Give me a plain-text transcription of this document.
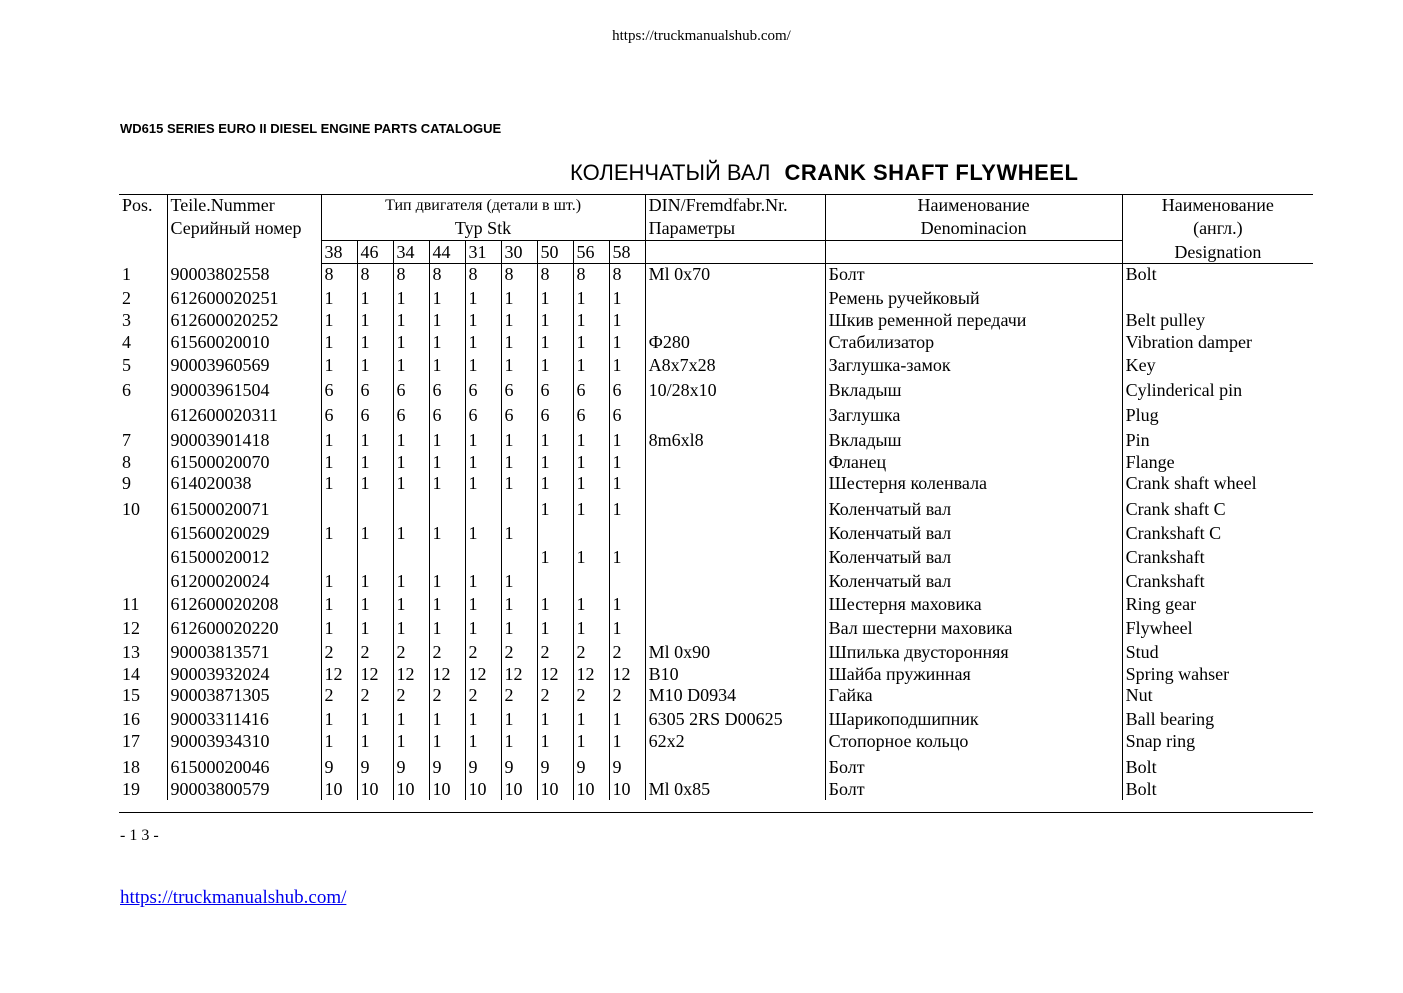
https://truckmanualshub.com/
WD615 SERIES EURO II DIESEL ENGINE PARTS CATALOGUE
КОЛЕНЧАТЫЙ ВАЛ CRANK SHAFT FLYWHEEL
Pos.	Teile.Nummer	Тип двигателя (детали в шт.)									DIN/Fremdfabr.Nr.	Наименование	Наименование
	Серийный номер	Typ Stk									Параметры	Denominacion	(англ.)
		38	46	34	44	31	30	50	56	58			Designation
1	90003802558	8	8	8	8	8	8	8	8	8	Ml 0x70	Болт	Bolt
2	612600020251	1	1	1	1	1	1	1	1	1		Ремень ручейковый	
3	612600020252	1	1	1	1	1	1	1	1	1		Шкив ременной передачи	Belt pulley
4	61560020010	1	1	1	1	1	1	1	1	1	Ф280	Стабилизатор	Vibration damper
5	90003960569	1	1	1	1	1	1	1	1	1	A8x7x28	Заглушка-замок	Key
6	90003961504	6	6	6	6	6	6	6	6	6	10/28x10	Вкладыш	Cylinderical pin
	612600020311	6	6	6	6	6	6	6	6	6		Заглушка	Plug
7	90003901418	1	1	1	1	1	1	1	1	1	8m6xl8	Вкладыш	Pin
8	61500020070	1	1	1	1	1	1	1	1	1		Фланец	Flange
9	614020038	1	1	1	1	1	1	1	1	1		Шестерня коленвала	Crank shaft wheel
10	61500020071							1	1	1		Коленчатый вал	Crank shaft C
	61560020029	1	1	1	1	1	1					Коленчатый вал	Crankshaft C
	61500020012							1	1	1		Коленчатый вал	Crankshaft
	61200020024	1	1	1	1	1	1					Коленчатый вал	Crankshaft
11	612600020208	1	1	1	1	1	1	1	1	1		Шестерня маховика	Ring gear
12	612600020220	1	1	1	1	1	1	1	1	1		Вал шестерни маховика	Flywheel
13	90003813571	2	2	2	2	2	2	2	2	2	Ml 0x90	Шпилька двусторонняя	Stud
14	90003932024	12	12	12	12	12	12	12	12	12	B10	Шайба пружинная	Spring wahser
15	90003871305	2	2	2	2	2	2	2	2	2	M10 D0934	Гайка	Nut
16	90003311416	1	1	1	1	1	1	1	1	1	6305 2RS D00625	Шарикоподшипник	Ball bearing
17	90003934310	1	1	1	1	1	1	1	1	1	62x2	Стопорное кольцо	Snap ring
18	61500020046	9	9	9	9	9	9	9	9	9		Болт	Bolt
19	90003800579	10	10	10	10	10	10	10	10	10	Ml 0x85	Болт	Bolt
- 1 3 -
https://truckmanualshub.com/
